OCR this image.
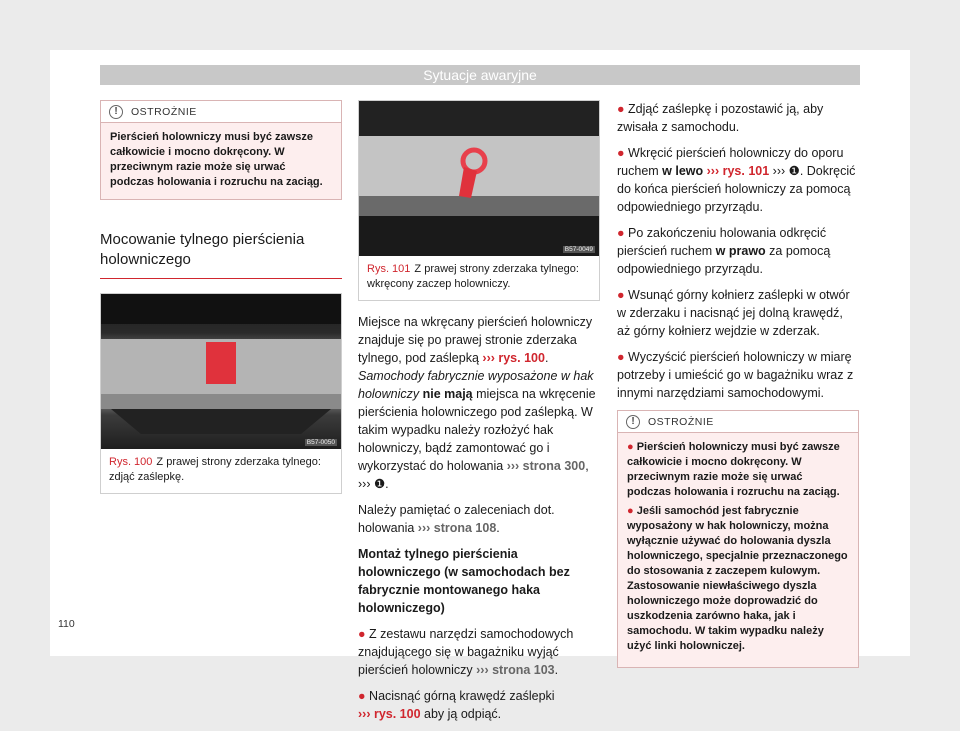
Sytuacje awaryjne
!	OSTROŻNIE
Pierścień holowniczy musi być zawsze całkowicie i mocno dokręcony. W przeciwnym razie może się urwać podczas holowania i rozruchu na zaciąg.
Mocowanie tylnego pierścienia holowniczego
B57-0050
Rys. 100 Z prawej strony zderzaka tylnego: zdjąć zaślepkę.
B57-0049
Rys. 101 Z prawej strony zderzaka tylnego: wkręcony zaczep holowniczy.

Miejsce na wkręcany pierścień holowniczy znajduje się po prawej stronie zderzaka tylnego, pod zaślepką ››› rys. 100. Samochody fabrycznie wyposażone w hak holowniczy nie mają miejsca na wkręcenie pierścienia holowniczego pod zaślepką. W takim wypadku należy rozłożyć hak holowniczy, bądź zamontować go i wykorzystać do holowania ››› strona 300, ››› ❶.

Należy pamiętać o zaleceniach dot. holowania ››› strona 108.

Montaż tylnego pierścienia holowniczego (w samochodach bez fabrycznie montowanego haka holowniczego)

● Z zestawu narzędzi samochodowych znajdującego się w bagażniku wyjąć pierścień holowniczy ››› strona 103.

● Nacisnąć górną krawędź zaślepki
››› rys. 100 aby ją odpiąć.

● Zdjąć zaślepkę i pozostawić ją, aby zwisała z samochodu.

● Wkręcić pierścień holowniczy do oporu ruchem w lewo ››› rys. 101 ››› ❶. Dokręcić do końca pierścień holowniczy za pomocą odpowiedniego przyrządu.

● Po zakończeniu holowania odkręcić pierścień ruchem w prawo za pomocą odpowiedniego przyrządu.

● Wsunąć górny kołnierz zaślepki w otwór w zderzaku i nacisnąć jej dolną krawędź, aż górny kołnierz wejdzie w zderzak.

● Wyczyścić pierścień holowniczy w miarę potrzeby i umieścić go w bagażniku wraz z innymi narzędziami samochodowymi.

!	OSTROŻNIE

● Pierścień holowniczy musi być zawsze całkowicie i mocno dokręcony. W przeciwnym razie może się urwać podczas holowania i rozruchu na zaciąg.

● Jeśli samochód jest fabrycznie wyposażony w hak holowniczy, można wyłącznie używać do holowania dyszla holowniczego, specjalnie przeznaczonego do stosowania z zaczepem kulowym. Zastosowanie niewłaściwego dyszla holowniczego może doprowadzić do uszkodzenia zarówno haka, jak i samochodu. W takim wypadku należy użyć linki holowniczej.

110
